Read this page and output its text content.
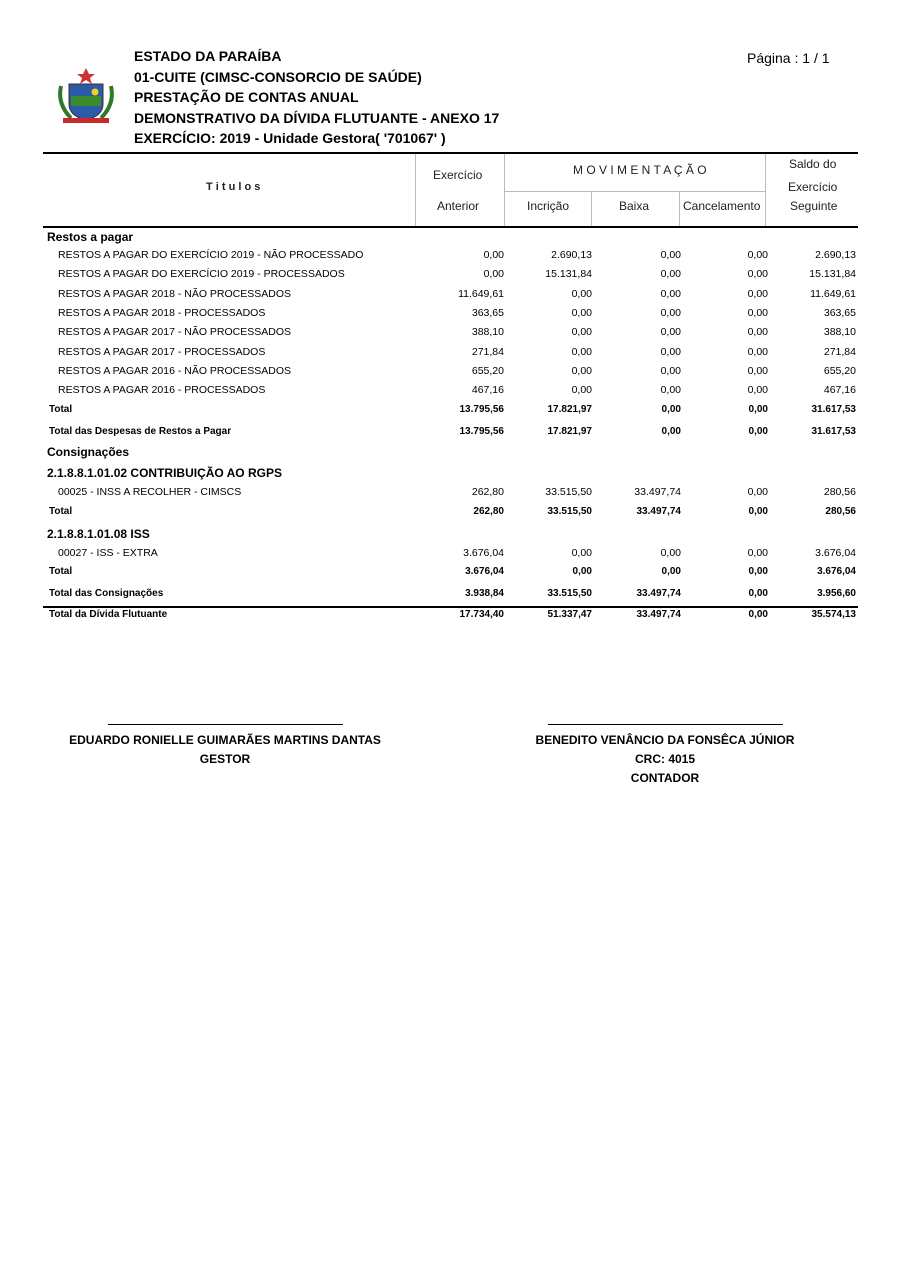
Página : 1 / 1
ESTADO DA PARAÍBA
01-CUITE (CIMSC-CONSORCIO DE SAÚDE)
PRESTAÇÃO DE CONTAS ANUAL
DEMONSTRATIVO DA DÍVIDA FLUTUANTE - ANEXO 17
EXERCÍCIO: 2019 - Unidade Gestora( '701067' )
T i t u l o s
Exercício
Anterior
M O V I M E N T A Ç Ã O
Incrição	Baixa	Cancelamento
Saldo do
Exercício
Seguinte
Restos a pagar
RESTOS A PAGAR DO EXERCÍCIO 2019 - NÃO PROCESSADO	0,00	2.690,13	0,00	0,00	2.690,13
RESTOS A PAGAR DO EXERCÍCIO 2019 - PROCESSADOS	0,00	15.131,84	0,00	0,00	15.131,84
RESTOS A PAGAR 2018 - NÃO PROCESSADOS	11.649,61	0,00	0,00	0,00	11.649,61
RESTOS A PAGAR 2018 - PROCESSADOS	363,65	0,00	0,00	0,00	363,65
RESTOS A PAGAR 2017 - NÃO PROCESSADOS	388,10	0,00	0,00	0,00	388,10
RESTOS A PAGAR 2017 - PROCESSADOS	271,84	0,00	0,00	0,00	271,84
RESTOS A PAGAR 2016 - NÃO PROCESSADOS	655,20	0,00	0,00	0,00	655,20
RESTOS A PAGAR 2016 - PROCESSADOS	467,16	0,00	0,00	0,00	467,16
Total	13.795,56	17.821,97	0,00	0,00	31.617,53
Total das Despesas de Restos a Pagar	13.795,56	17.821,97	0,00	0,00	31.617,53
Consignações
2.1.8.8.1.01.02 CONTRIBUIÇÃO AO RGPS
00025 - INSS A RECOLHER - CIMSCS	262,80	33.515,50	33.497,74	0,00	280,56
Total	262,80	33.515,50	33.497,74	0,00	280,56
2.1.8.8.1.01.08 ISS
00027 - ISS - EXTRA	3.676,04	0,00	0,00	0,00	3.676,04
Total	3.676,04	0,00	0,00	0,00	3.676,04
Total das Consignações	3.938,84	33.515,50	33.497,74	0,00	3.956,60
Total da Dívida Flutuante	17.734,40	51.337,47	33.497,74	0,00	35.574,13
EDUARDO RONIELLE GUIMARÃES MARTINS DANTAS
GESTOR
BENEDITO VENÂNCIO DA FONSÊCA JÚNIOR
CRC: 4015
CONTADOR
